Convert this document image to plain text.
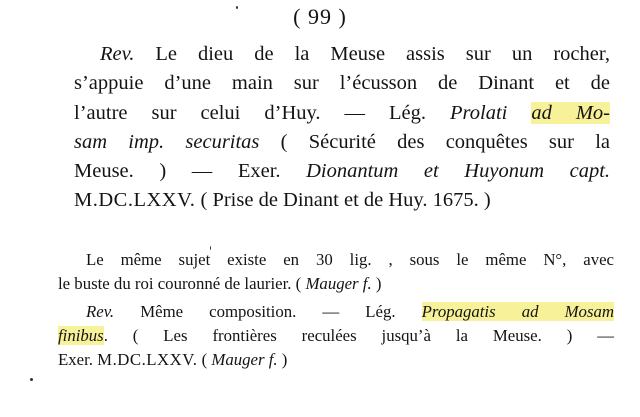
( 99 )
Rev. Le dieu de la Meuse assis sur un rocher,
s’appuie d’une main sur l’écusson de Dinant et de
l’autre sur celui d’Huy. — Lég. Prolati ad Mo-
sam imp. securitas ( Sécurité des conquêtes sur la
Meuse. ) — Exer. Dionantum et Huyonum capt.
M.DC.LXXV. ( Prise de Dinant et de Huy. 1675. )
Le même sujet existe en 30 lig. , sous le même N°, avec
le buste du roi couronné de laurier. ( Mauger f. )
Rev. Même composition. — Lég. Propagatis ad Mosam
finibus. ( Les frontières reculées jusqu’à la Meuse. ) —
Exer. M.DC.LXXV. ( Mauger f. )
